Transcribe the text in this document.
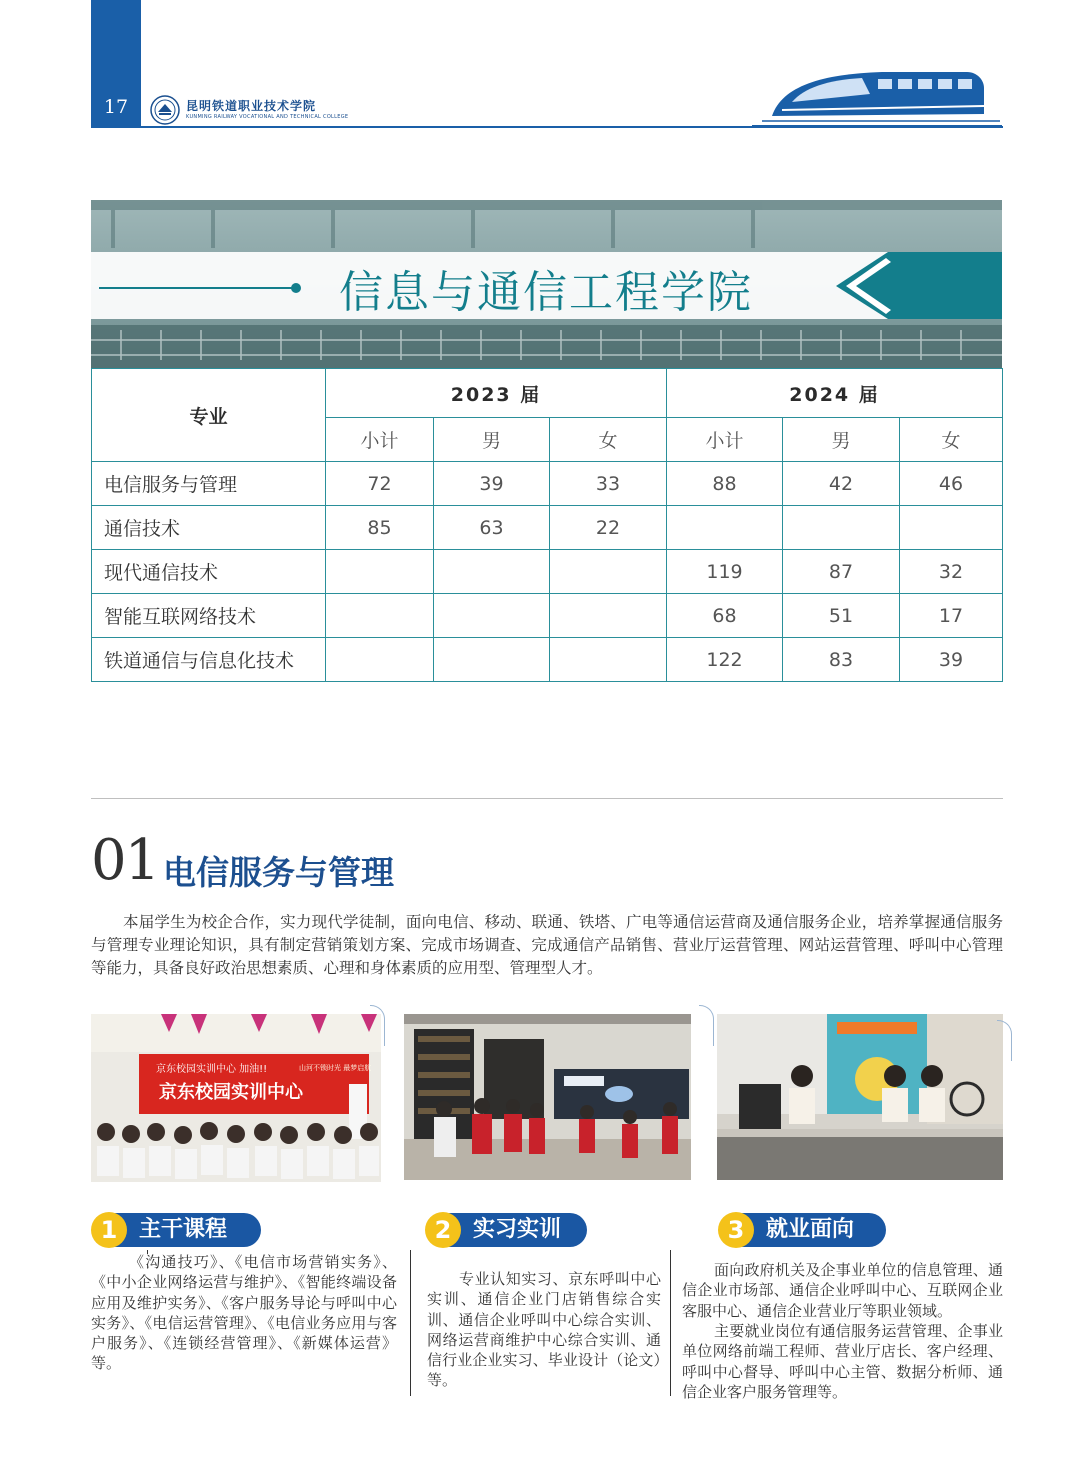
17	昆明铁道职业技术学院
KUNMING RAILWAY VOCATIONAL AND TECHNICAL COLLEGE
信息与通信工程学院
专业	2023 届			2024 届		
	小计	男	女	小计	男	女
电信服务与管理	72	39	33	88	42	46
通信技术	85	63	22			
现代通信技术				119	87	32
智能互联网络技术				68	51	17
铁道通信与信息化技术				122	83	39
01 电信服务与管理
本届学生为校企合作，实力现代学徒制，面向电信、移动、联通、铁塔、广电等通信运营商及通信服务企业，培养掌握通信服务与管理专业理论知识，具有制定营销策划方案、完成市场调查、完成通信产品销售、营业厅运营管理、网站运营管理、呼叫中心管理等能力，具备良好政治思想素质、心理和身体素质的应用型、管理型人才。
京东校园实训中心 加油!!
京东校园实训中心
山河不锁时光 最梦启航
1 主干课程
《沟通技巧》、《电信市场营销实务》、《中小企业网络运营与维护》、《智能终端设备应用及维护实务》、《客户服务导论与呼叫中心实务》、《电信运营管理》、《电信业务应用与客户服务》、《连锁经营管理》、《新媒体运营》等。
2 实习实训
专业认知实习、京东呼叫中心实训、通信企业门店销售综合实训、通信企业呼叫中心综合实训、网络运营商维护中心综合实训、通信行业企业实习、毕业设计（论文）等。
3 就业面向
面向政府机关及企事业单位的信息管理、通信企业市场部、通信企业呼叫中心、互联网企业客服中心、通信企业营业厅等职业领域。
主要就业岗位有通信服务运营管理、企事业单位网络前端工程师、营业厅店长、客户经理、呼叫中心督导、呼叫中心主管、数据分析师、通信企业客户服务管理等。
